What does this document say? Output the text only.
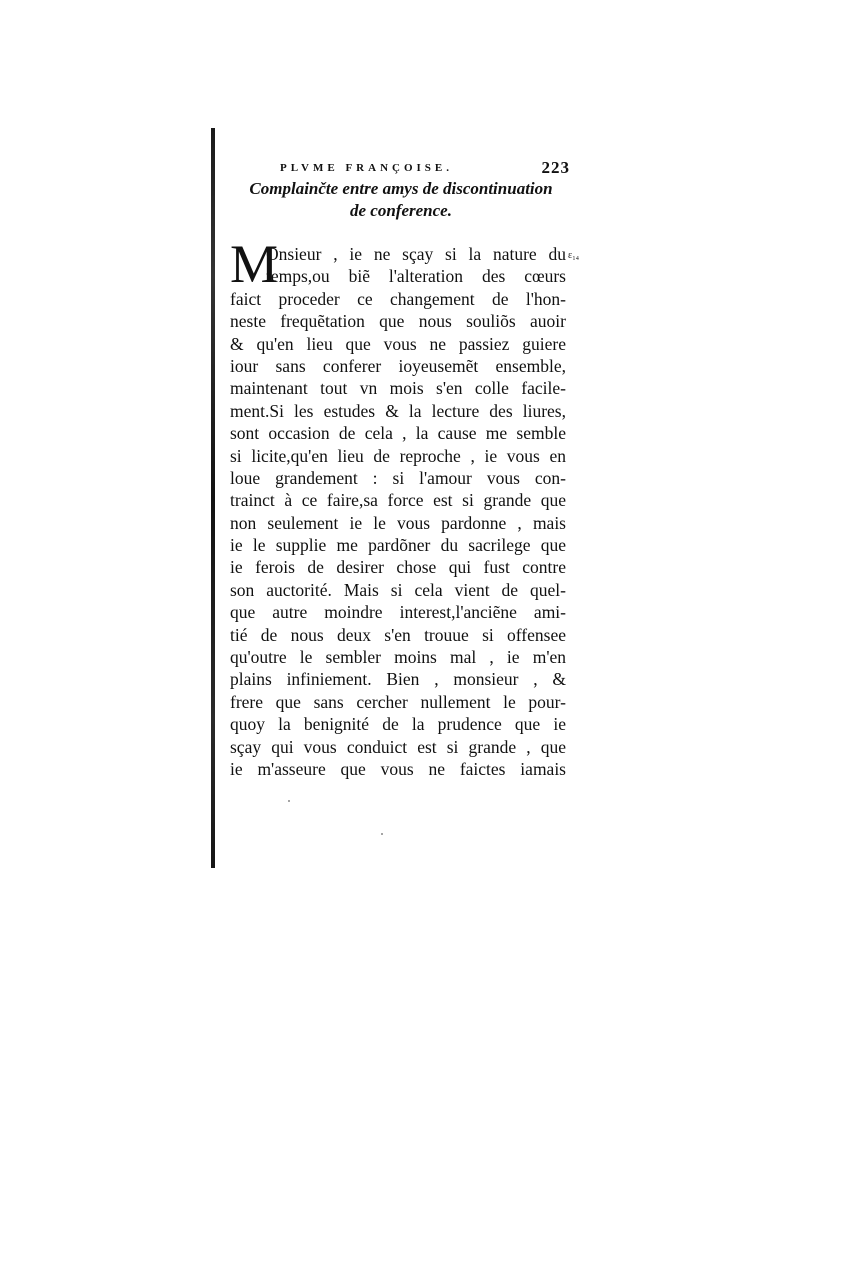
PLVME FRANÇOISE.	223
Complainčte entre amys de discontinuation
de conference.
ε₁₄
M
Onsieur , ie ne sçay si la nature du
temps,ou biẽ l'alteration des cœurs
faict proceder ce changement de l'hon-
neste frequẽtation que nous souliõs auoir
& qu'en lieu que vous ne passiez guiere
iour sans conferer ioyeusemẽt ensemble,
maintenant tout vn mois s'en colle facile-
ment.Si les estudes & la lecture des liures,
sont occasion de cela , la cause me semble
si licite,qu'en lieu de reproche , ie vous en
loue grandement : si l'amour vous con-
trainct à ce faire,sa force est si grande que
non seulement ie le vous pardonne , mais
ie le supplie me pardõner du sacrilege que
ie ferois de desirer chose qui fust contre
son auctorité. Mais si cela vient de quel-
que autre moindre interest,l'anciẽne ami-
tié de nous deux s'en trouue si offensee
qu'outre le sembler moins mal , ie m'en
plains infiniement. Bien , monsieur , &
frere que sans cercher nullement le pour-
quoy la benignité de la prudence que ie
sçay qui vous conduict est si grande , que
ie m'asseure que vous ne faictes iamais
